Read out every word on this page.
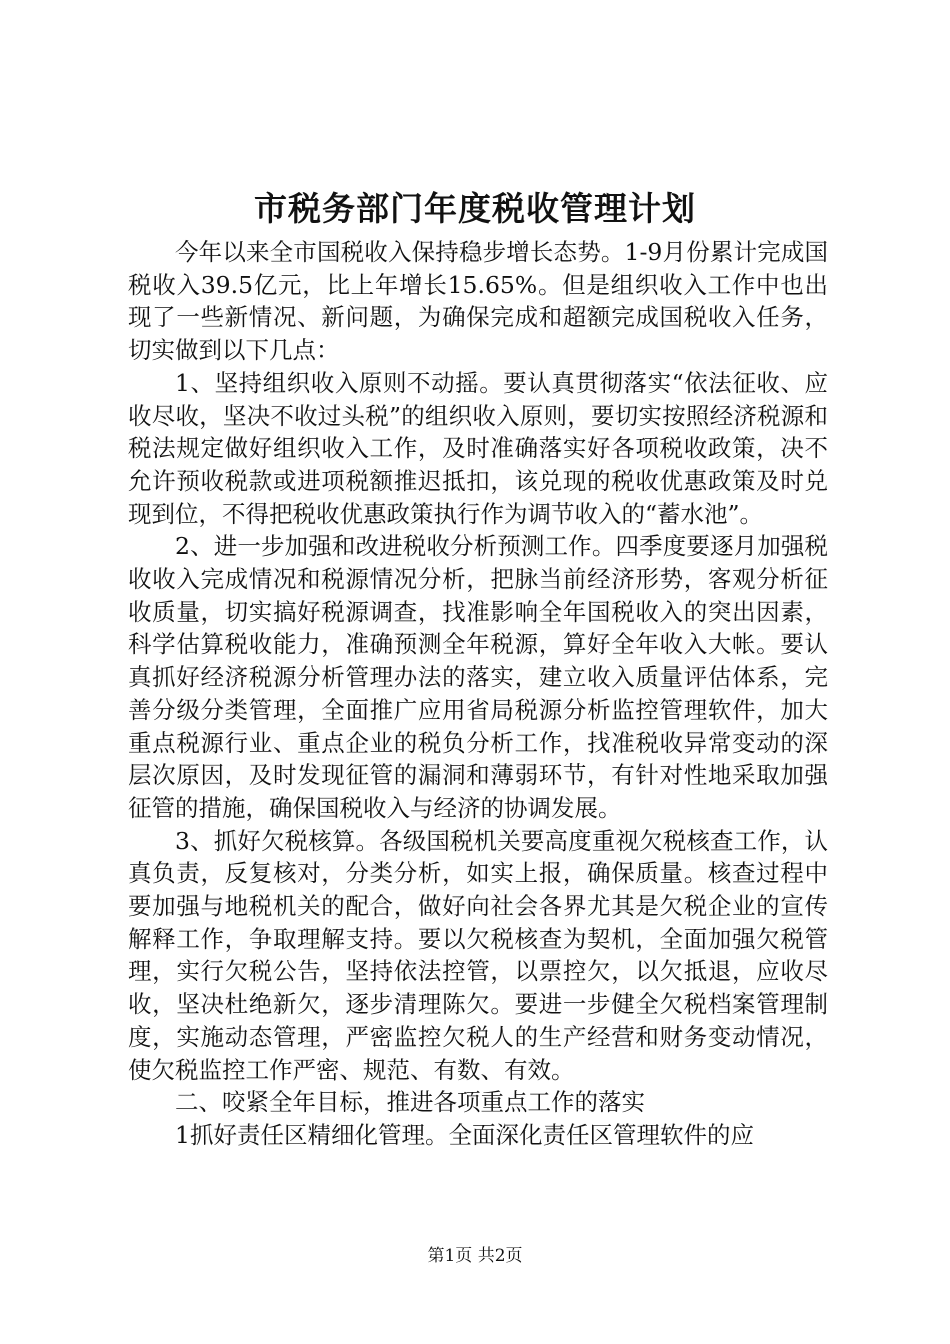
市税务部门年度税收管理计划

今年以来全市国税收入保持稳步增长态势。1-9月份累计完成国税收入39.5亿元，比上年增长15.65%。但是组织收入工作中也出现了一些新情况、新问题，为确保完成和超额完成国税收入任务，切实做到以下几点：

1、坚持组织收入原则不动摇。要认真贯彻落实“依法征收、应收尽收，坚决不收过头税”的组织收入原则，要切实按照经济税源和税法规定做好组织收入工作，及时准确落实好各项税收政策，决不允许预收税款或进项税额推迟抵扣，该兑现的税收优惠政策及时兑现到位，不得把税收优惠政策执行作为调节收入的“蓄水池”。

2、进一步加强和改进税收分析预测工作。四季度要逐月加强税收收入完成情况和税源情况分析，把脉当前经济形势，客观分析征收质量，切实搞好税源调查，找准影响全年国税收入的突出因素，科学估算税收能力，准确预测全年税源，算好全年收入大帐。要认真抓好经济税源分析管理办法的落实，建立收入质量评估体系，完善分级分类管理，全面推广应用省局税源分析监控管理软件，加大重点税源行业、重点企业的税负分析工作，找准税收异常变动的深层次原因，及时发现征管的漏洞和薄弱环节，有针对性地采取加强征管的措施，确保国税收入与经济的协调发展。

3、抓好欠税核算。各级国税机关要高度重视欠税核查工作，认真负责，反复核对，分类分析，如实上报，确保质量。核查过程中要加强与地税机关的配合，做好向社会各界尤其是欠税企业的宣传解释工作，争取理解支持。要以欠税核查为契机，全面加强欠税管理，实行欠税公告，坚持依法控管，以票控欠，以欠抵退，应收尽收，坚决杜绝新欠，逐步清理陈欠。要进一步健全欠税档案管理制度，实施动态管理，严密监控欠税人的生产经营和财务变动情况，使欠税监控工作严密、规范、有数、有效。

二、咬紧全年目标，推进各项重点工作的落实

1抓好责任区精细化管理。全面深化责任区管理软件的应

第1页 共2页
